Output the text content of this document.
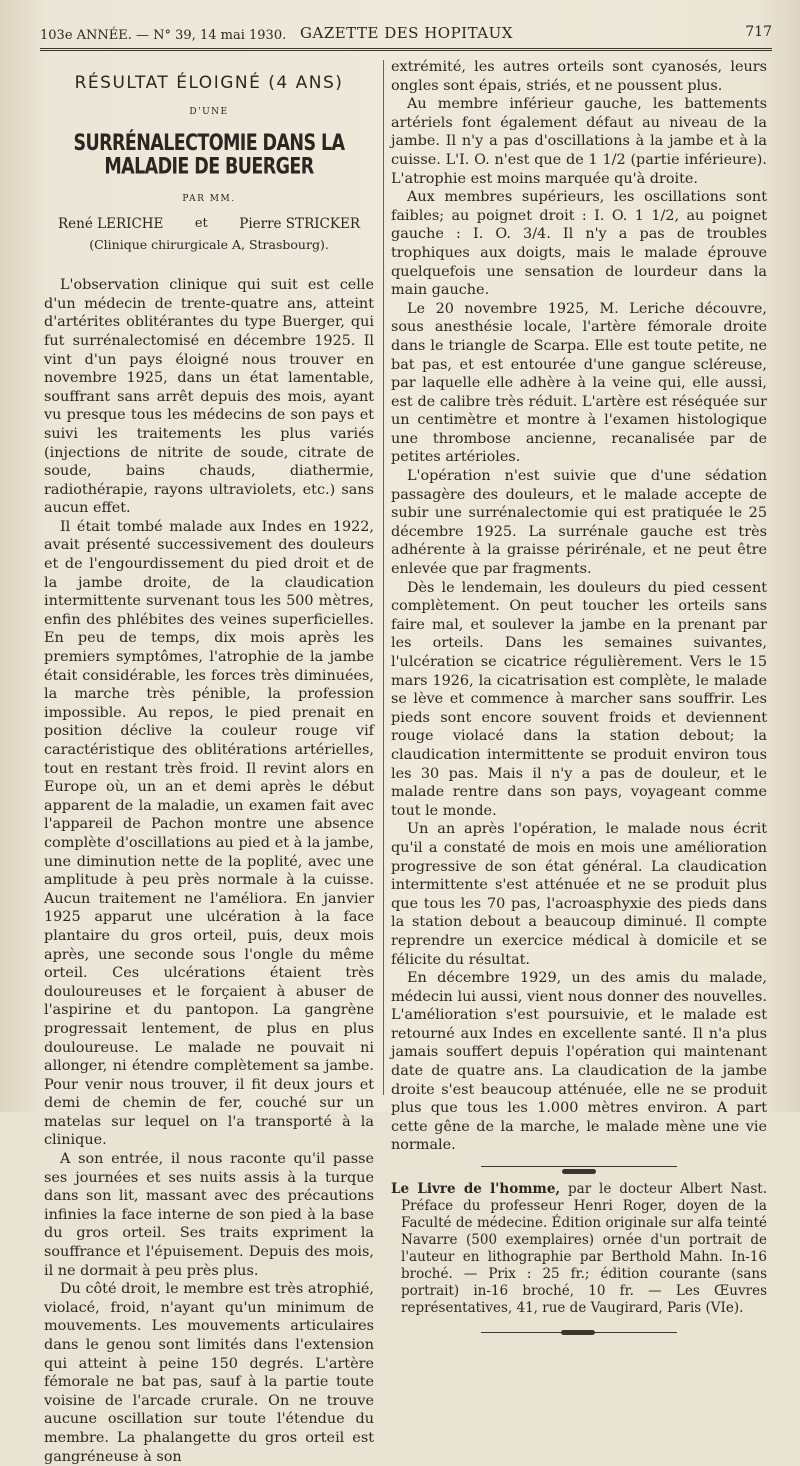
103e ANNÉE. — N° 39, 14 mai 1930. GAZETTE DES HOPITAUX	717
RÉSULTAT ÉLOIGNÉ (4 ANS)
D'UNE
SURRÉNALECTOMIE DANS LA MALADIE DE BUERGER
PAR MM.
René LERICHE et Pierre STRICKER
(Clinique chirurgicale A, Strasbourg).

L'observation clinique qui suit est celle d'un médecin de trente-quatre ans, atteint d'artérites oblitérantes du type Buerger, qui fut surrénalectomisé en décembre 1925. Il vint d'un pays éloigné nous trouver en novembre 1925, dans un état lamentable, souffrant sans arrêt depuis des mois, ayant vu presque tous les médecins de son pays et suivi les traitements les plus variés (injections de nitrite de soude, citrate de soude, bains chauds, diathermie, radiothérapie, rayons ultraviolets, etc.) sans aucun effet.

Il était tombé malade aux Indes en 1922, avait présenté successivement des douleurs et de l'engourdissement du pied droit et de la jambe droite, de la claudication intermittente survenant tous les 500 mètres, enfin des phlébites des veines superficielles. En peu de temps, dix mois après les premiers symptômes, l'atrophie de la jambe était considérable, les forces très diminuées, la marche très pénible, la profession impossible. Au repos, le pied prenait en position déclive la couleur rouge vif caractéristique des oblitérations artérielles, tout en restant très froid. Il revint alors en Europe où, un an et demi après le début apparent de la maladie, un examen fait avec l'appareil de Pachon montre une absence complète d'oscillations au pied et à la jambe, une diminution nette de la poplité, avec une amplitude à peu près normale à la cuisse. Aucun traitement ne l'améliora. En janvier 1925 apparut une ulcération à la face plantaire du gros orteil, puis, deux mois après, une seconde sous l'ongle du même orteil. Ces ulcérations étaient très douloureuses et le forçaient à abuser de l'aspirine et du pantopon. La gangrène progressait lentement, de plus en plus douloureuse. Le malade ne pouvait ni allonger, ni étendre complètement sa jambe. Pour venir nous trouver, il fit deux jours et demi de chemin de fer, couché sur un matelas sur lequel on l'a transporté à la clinique.

A son entrée, il nous raconte qu'il passe ses journées et ses nuits assis à la turque dans son lit, massant avec des précautions infinies la face interne de son pied à la base du gros orteil. Ses traits expriment la souffrance et l'épuisement. Depuis des mois, il ne dormait à peu près plus.

Du côté droit, le membre est très atrophié, violacé, froid, n'ayant qu'un minimum de mouvements. Les mouvements articulaires dans le genou sont limités dans l'extension qui atteint à peine 150 degrés. L'artère fémorale ne bat pas, sauf à la partie toute voisine de l'arcade crurale. On ne trouve aucune oscillation sur toute l'étendue du membre. La phalangette du gros orteil est gangréneuse à son

extrémité, les autres orteils sont cyanosés, leurs ongles sont épais, striés, et ne poussent plus.

Au membre inférieur gauche, les battements artériels font également défaut au niveau de la jambe. Il n'y a pas d'oscillations à la jambe et à la cuisse. L'I. O. n'est que de 1 1/2 (partie inférieure). L'atrophie est moins marquée qu'à droite.

Aux membres supérieurs, les oscillations sont faibles; au poignet droit : I. O. 1 1/2, au poignet gauche : I. O. 3/4. Il n'y a pas de troubles trophiques aux doigts, mais le malade éprouve quelquefois une sensation de lourdeur dans la main gauche.

Le 20 novembre 1925, M. Leriche découvre, sous anesthésie locale, l'artère fémorale droite dans le triangle de Scarpa. Elle est toute petite, ne bat pas, et est entourée d'une gangue scléreuse, par laquelle elle adhère à la veine qui, elle aussi, est de calibre très réduit. L'artère est réséquée sur un centimètre et montre à l'examen histologique une thrombose ancienne, recanalisée par de petites artérioles.

L'opération n'est suivie que d'une sédation passagère des douleurs, et le malade accepte de subir une surrénalectomie qui est pratiquée le 25 décembre 1925. La surrénale gauche est très adhérente à la graisse périrénale, et ne peut être enlevée que par fragments.

Dès le lendemain, les douleurs du pied cessent complètement. On peut toucher les orteils sans faire mal, et soulever la jambe en la prenant par les orteils. Dans les semaines suivantes, l'ulcération se cicatrice régulièrement. Vers le 15 mars 1926, la cicatrisation est complète, le malade se lève et commence à marcher sans souffrir. Les pieds sont encore souvent froids et deviennent rouge violacé dans la station debout; la claudication intermittente se produit environ tous les 30 pas. Mais il n'y a pas de douleur, et le malade rentre dans son pays, voyageant comme tout le monde.

Un an après l'opération, le malade nous écrit qu'il a constaté de mois en mois une amélioration progressive de son état général. La claudication intermittente s'est atténuée et ne se produit plus que tous les 70 pas, l'acroasphyxie des pieds dans la station debout a beaucoup diminué. Il compte reprendre un exercice médical à domicile et se félicite du résultat.

En décembre 1929, un des amis du malade, médecin lui aussi, vient nous donner des nouvelles. L'amélioration s'est poursuivie, et le malade est retourné aux Indes en excellente santé. Il n'a plus jamais souffert depuis l'opération qui maintenant date de quatre ans. La claudication de la jambe droite s'est beaucoup atténuée, elle ne se produit plus que tous les 1.000 mètres environ. A part cette gêne de la marche, le malade mène une vie normale.

Le Livre de l'homme, par le docteur Albert Nast. Préface du professeur Henri Roger, doyen de la Faculté de médecine. Édition originale sur alfa teinté Navarre (500 exemplaires) ornée d'un portrait de l'auteur en lithographie par Berthold Mahn. In-16 broché. — Prix : 25 fr.; édition courante (sans portrait) in-16 broché, 10 fr. — Les Œuvres représentatives, 41, rue de Vaugirard, Paris (VIe).
